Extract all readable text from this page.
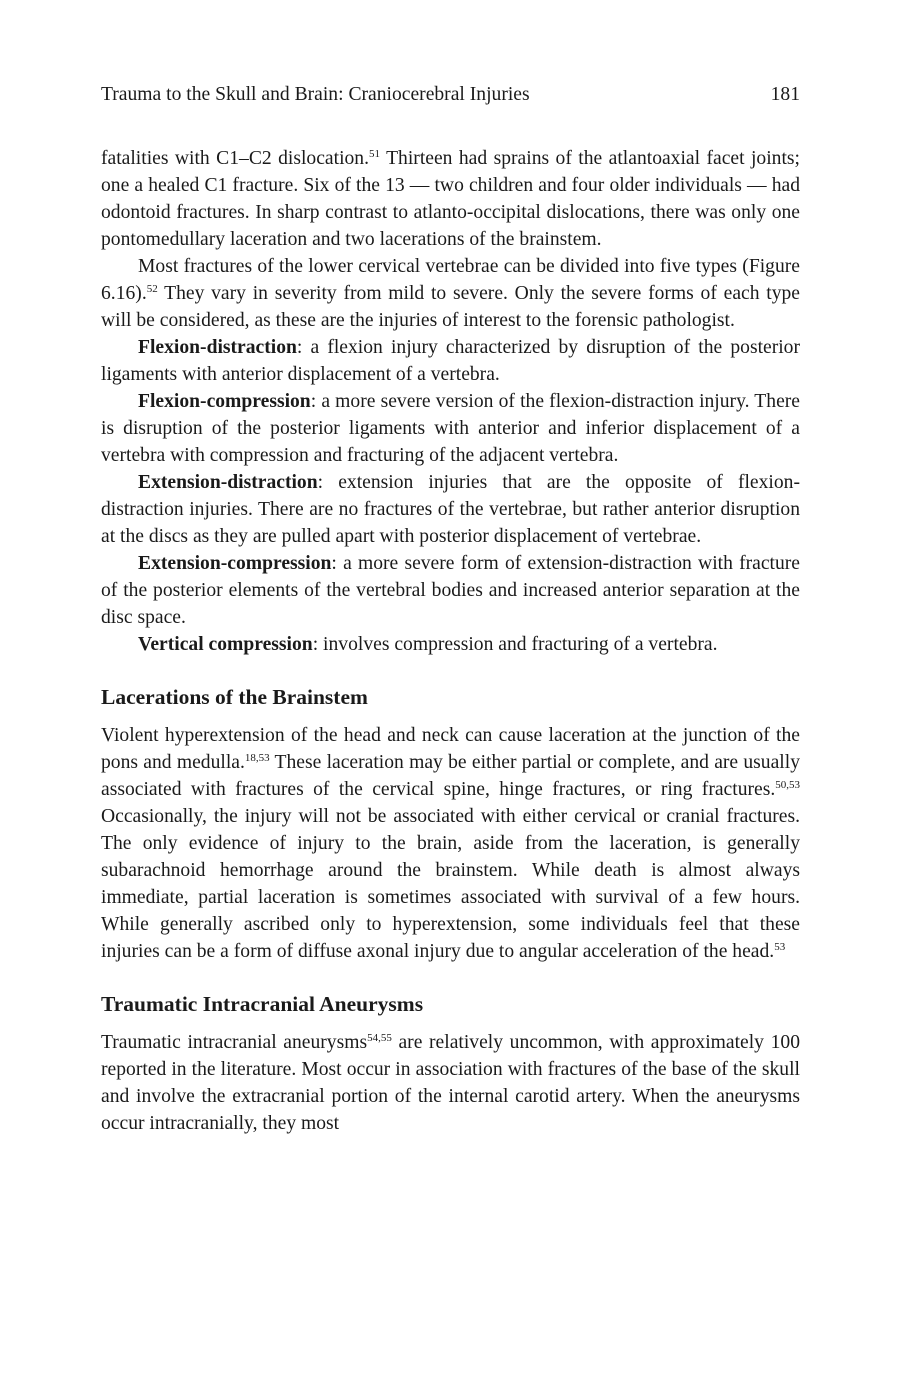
Trauma to the Skull and Brain: Craniocerebral Injuries	181

fatalities with C1–C2 dislocation.$^{51}$ Thirteen had sprains of the atlantoaxial facet joints; one a healed C1 fracture. Six of the 13 — two children and four older individuals — had odontoid fractures. In sharp contrast to atlanto-occipital dislocations, there was only one pontomedullary laceration and two lacerations of the brainstem.

Most fractures of the lower cervical vertebrae can be divided into five types (Figure 6.16).$^{52}$ They vary in severity from mild to severe. Only the severe forms of each type will be considered, as these are the injuries of interest to the forensic pathologist.

Flexion-distraction: a flexion injury characterized by disruption of the posterior ligaments with anterior displacement of a vertebra.

Flexion-compression: a more severe version of the flexion-distraction injury. There is disruption of the posterior ligaments with anterior and inferior displacement of a vertebra with compression and fracturing of the adjacent vertebra.

Extension-distraction: extension injuries that are the opposite of flexion-distraction injuries. There are no fractures of the vertebrae, but rather anterior disruption at the discs as they are pulled apart with posterior displacement of vertebrae.

Extension-compression: a more severe form of extension-distraction with fracture of the posterior elements of the vertebral bodies and increased anterior separation at the disc space.

Vertical compression: involves compression and fracturing of a vertebra.

Lacerations of the Brainstem

Violent hyperextension of the head and neck can cause laceration at the junction of the pons and medulla.$^{18,53}$ These laceration may be either partial or complete, and are usually associated with fractures of the cervical spine, hinge fractures, or ring fractures.$^{50,53}$ Occasionally, the injury will not be associated with either cervical or cranial fractures. The only evidence of injury to the brain, aside from the laceration, is generally subarachnoid hemorrhage around the brainstem. While death is almost always immediate, partial laceration is sometimes associated with survival of a few hours. While generally ascribed only to hyperextension, some individuals feel that these injuries can be a form of diffuse axonal injury due to angular acceleration of the head.$^{53}$

Traumatic Intracranial Aneurysms

Traumatic intracranial aneurysms$^{54,55}$ are relatively uncommon, with approximately 100 reported in the literature. Most occur in association with fractures of the base of the skull and involve the extracranial portion of the internal carotid artery. When the aneurysms occur intracranially, they most
